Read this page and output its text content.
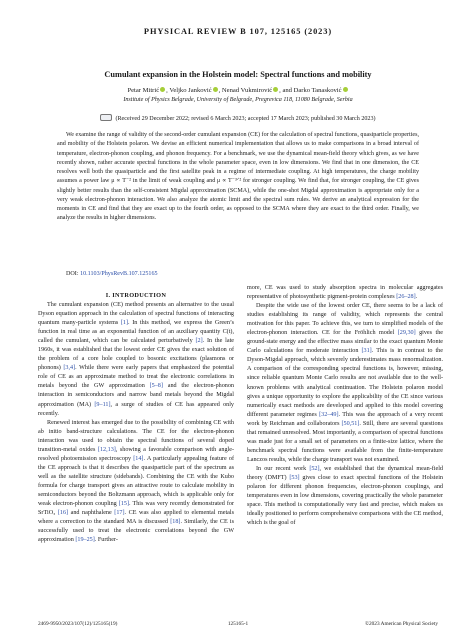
PHYSICAL REVIEW B 107, 125165 (2023)
Cumulant expansion in the Holstein model: Spectral functions and mobility
Petar Mitrić , Veljko Janković , Nenad Vukmirović , and Darko Tanasković
Institute of Physics Belgrade, University of Belgrade, Pregrevica 118, 11080 Belgrade, Serbia
(Received 29 December 2022; revised 6 March 2023; accepted 17 March 2023; published 30 March 2023)
We examine the range of validity of the second-order cumulant expansion (CE) for the calculation of spectral functions, quasiparticle properties, and mobility of the Holstein polaron. We devise an efficient numerical implementation that allows us to make comparisons in a broad interval of temperature, electron-phonon coupling, and phonon frequency. For a benchmark, we use the dynamical mean-field theory which gives, as we have recently shown, rather accurate spectral functions in the whole parameter space, even in low dimensions. We find that in one dimension, the CE resolves well both the quasiparticle and the first satellite peak in a regime of intermediate coupling. At high temperatures, the charge mobility assumes a power law μ ∝ T⁻² in the limit of weak coupling and μ ∝ T⁻³ᐟ² for stronger coupling. We find that, for stronger coupling, the CE gives slightly better results than the self-consistent Migdal approximation (SCMA), while the one-shot Migdal approximation is appropriate only for a very weak electron-phonon interaction. We also analyze the atomic limit and the spectral sum rules. We derive an analytical expression for the moments in CE and find that they are exact up to the fourth order, as opposed to the SCMA where they are exact to the third order. Finally, we analyze the results in higher dimensions.
DOI: 10.1103/PhysRevB.107.125165
I. INTRODUCTION

The cumulant expansion (CE) method presents an alternative to the usual Dyson equation approach in the calculation of spectral functions of interacting quantum many-particle systems [1]. In this method, we express the Green’s function in real time as an exponential function of an auxiliary quantity C(t), called the cumulant, which can be calculated perturbatively [2]. In the late 1960s, it was established that the lowest order CE gives the exact solution of the problem of a core hole coupled to bosonic excitations (plasmons or phonons) [3,4]. While there were early papers that emphasized the potential role of CE as an approximate method to treat the electronic correlations in metals beyond the GW approximation [5–8] and the electron-phonon interaction in semiconductors and narrow band metals beyond the Migdal approximation (MA) [9–11], a surge of studies of CE has appeared only recently.

Renewed interest has emerged due to the possibility of combining CE with ab initio band-structure calculations. The CE for the electron-phonon interaction was used to obtain the spectral functions of several doped transition-metal oxides [12,13], showing a favorable comparison with angle-resolved photoemission spectroscopy [14]. A particularly appealing feature of the CE approach is that it describes the quasiparticle part of the spectrum as well as the satellite structure (sidebands). Combining the CE with the Kubo formula for charge transport gives an attractive route to calculate mobility in semiconductors beyond the Boltzmann approach, which is applicable only for weak electron-phonon coupling [15]. This was very recently demonstrated for SrTiO₃ [16] and naphthalene [17]. CE was also applied to elemental metals where a correction to the standard MA is discussed [18]. Similarly, the CE is successfully used to treat the electronic correlations beyond the GW approximation [19–25]. Further-

more, CE was used to study absorption spectra in molecular aggregates representative of photosynthetic pigment-protein complexes [26–28].

Despite the wide use of the lowest order CE, there seems to be a lack of studies establishing its range of validity, which represents the central motivation for this paper. To achieve this, we turn to simplified models of the electron-phonon interaction. CE for the Fröhlich model [29,30] gives the ground-state energy and the effective mass similar to the exact quantum Monte Carlo calculations for moderate interaction [31]. This is in contrast to the Dyson-Migdal approach, which severely underestimates mass renormalization. A comparison of the corresponding spectral functions is, however, missing, since reliable quantum Monte Carlo results are not available due to the well-known problems with analytical continuation. The Holstein polaron model gives a unique opportunity to explore the applicability of the CE since various numerically exact methods are developed and applied to this model covering different parameter regimes [32–49]. This was the approach of a very recent work by Reichman and collaborators [50,51]. Still, there are several questions that remained unresolved. Most importantly, a comparison of spectral functions was made just for a small set of parameters on a finite-size lattice, where the benchmark spectral functions were available from the finite-temperature Lanczos results, while the charge transport was not examined.

In our recent work [52], we established that the dynamical mean-field theory (DMFT) [53] gives close to exact spectral functions of the Holstein polaron for different phonon frequencies, electron-phonon couplings, and temperatures even in low dimensions, covering practically the whole parameter space. This method is computationally very fast and precise, which makes us ideally positioned to perform comprehensive comparisons with the CE method, which is the goal of

2469-9950/2023/107(12)/125165(19)	125165-1	©2023 American Physical Society
